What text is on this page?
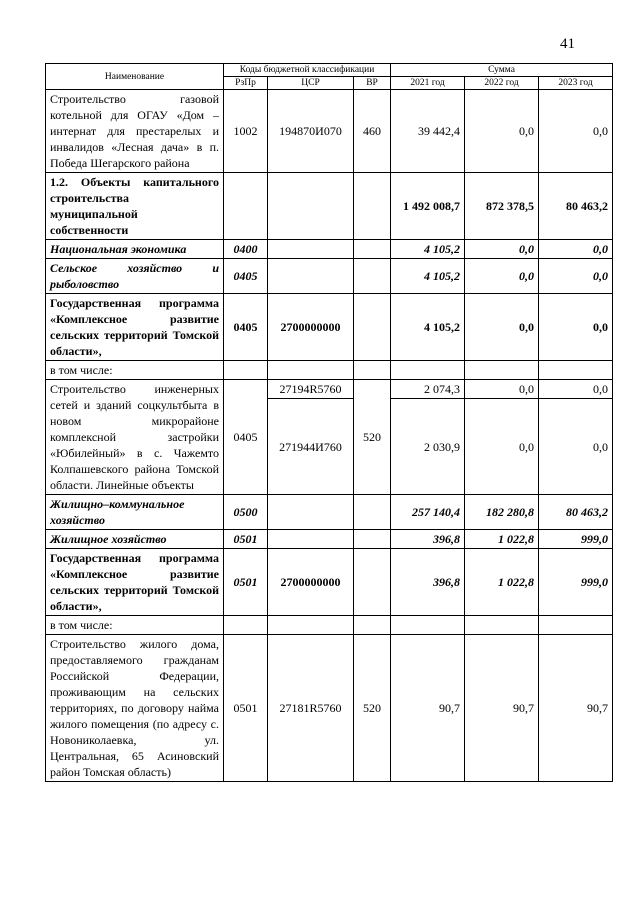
41
Наименование	Коды бюджетной классификации			Сумма		
	РзПр	ЦСР	ВР	2021 год	2022 год	2023 год
Строительство газовой котельной для ОГАУ «Дом – интернат для престарелых и инвалидов «Лесная дача» в п. Победа Шегарского района	1002	194870И070	460	39 442,4	0,0	0,0
1.2. Объекты капитального строительства муниципальной собственности				1 492 008,7	872 378,5	80 463,2
Национальная экономика	0400			4 105,2	0,0	0,0
Сельское хозяйство и рыболовство	0405			4 105,2	0,0	0,0
Государственная программа «Комплексное развитие сельских территорий Томской области»,	0405	2700000000		4 105,2	0,0	0,0
в том числе:						
Строительство инженерных сетей и зданий соцкультбыта в новом микрорайоне комплексной застройки «Юбилейный» в с. Чажемто Колпашевского района Томской области. Линейные объекты	0405	27194R5760	520	2 074,3	0,0	0,0
		271944И760		2 030,9	0,0	0,0
Жилищно–коммунальное хозяйство	0500			257 140,4	182 280,8	80 463,2
Жилищное хозяйство	0501			396,8	1 022,8	999,0
Государственная программа «Комплексное развитие сельских территорий Томской области»,	0501	2700000000		396,8	1 022,8	999,0
в том числе:						
Строительство жилого дома, предоставляемого гражданам Российской Федерации, проживающим на сельских территориях, по договору найма жилого помещения (по адресу с. Новониколаевка, ул. Центральная, 65 Асиновский район Томская область)	0501	27181R5760	520	90,7	90,7	90,7
